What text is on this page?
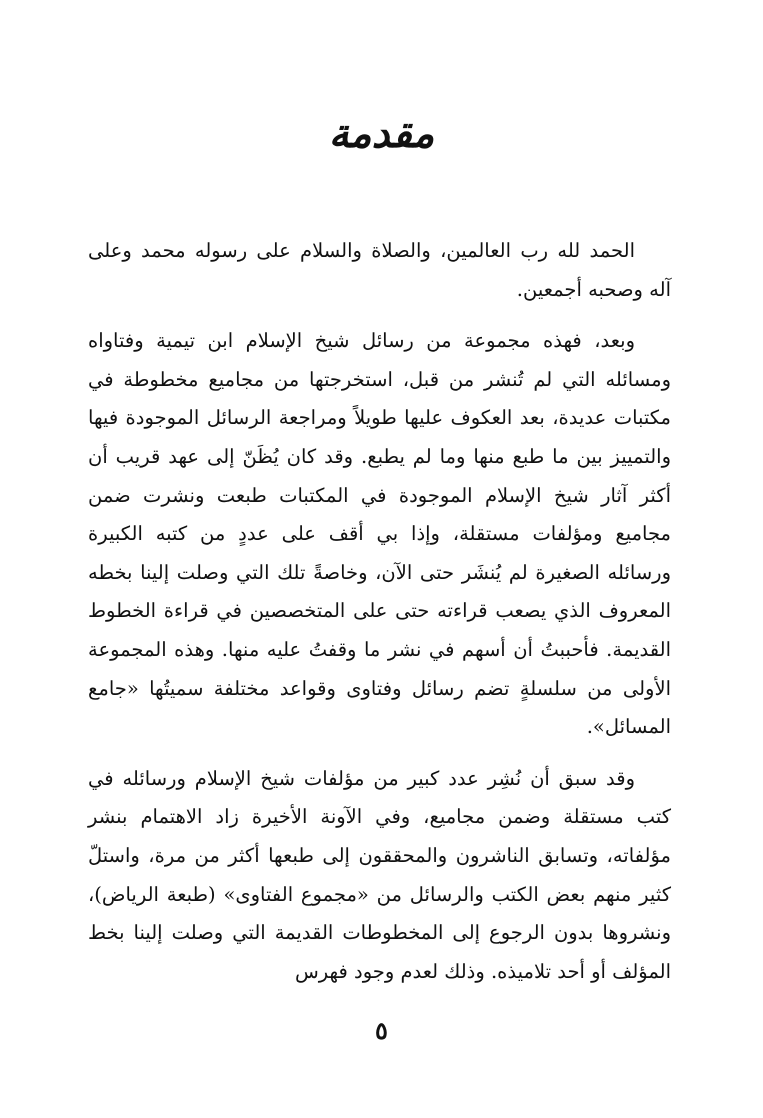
مقدمة

الحمد لله رب العالمين، والصلاة والسلام على رسوله محمد وعلى آله وصحبه أجمعين.

وبعد، فهذه مجموعة من رسائل شيخ الإسلام ابن تيمية وفتاواه ومسائله التي لم تُنشر من قبل، استخرجتها من مجاميع مخطوطة في مكتبات عديدة، بعد العكوف عليها طويلاً ومراجعة الرسائل الموجودة فيها والتمييز بين ما طبع منها وما لم يطبع. وقد كان يُظَنّ إلى عهد قريب أن أكثر آثار شيخ الإسلام الموجودة في المكتبات طبعت ونشرت ضمن مجاميع ومؤلفات مستقلة، وإذا بي أقف على عددٍ من كتبه الكبيرة ورسائله الصغيرة لم يُنشَر حتى الآن، وخاصةً تلك التي وصلت إلينا بخطه المعروف الذي يصعب قراءته حتى على المتخصصين في قراءة الخطوط القديمة. فأحببتُ أن أسهم في نشر ما وقفتُ عليه منها. وهذه المجموعة الأولى من سلسلةٍ تضم رسائل وفتاوى وقواعد مختلفة سميتُها «جامع المسائل».

وقد سبق أن نُشِر عدد كبير من مؤلفات شيخ الإسلام ورسائله في كتب مستقلة وضمن مجاميع، وفي الآونة الأخيرة زاد الاهتمام بنشر مؤلفاته، وتسابق الناشرون والمحققون إلى طبعها أكثر من مرة، واستلّ كثير منهم بعض الكتب والرسائل من «مجموع الفتاوى» (طبعة الرياض)، ونشروها بدون الرجوع إلى المخطوطات القديمة التي وصلت إلينا بخط المؤلف أو أحد تلاميذه. وذلك لعدم وجود فهرس

٥
